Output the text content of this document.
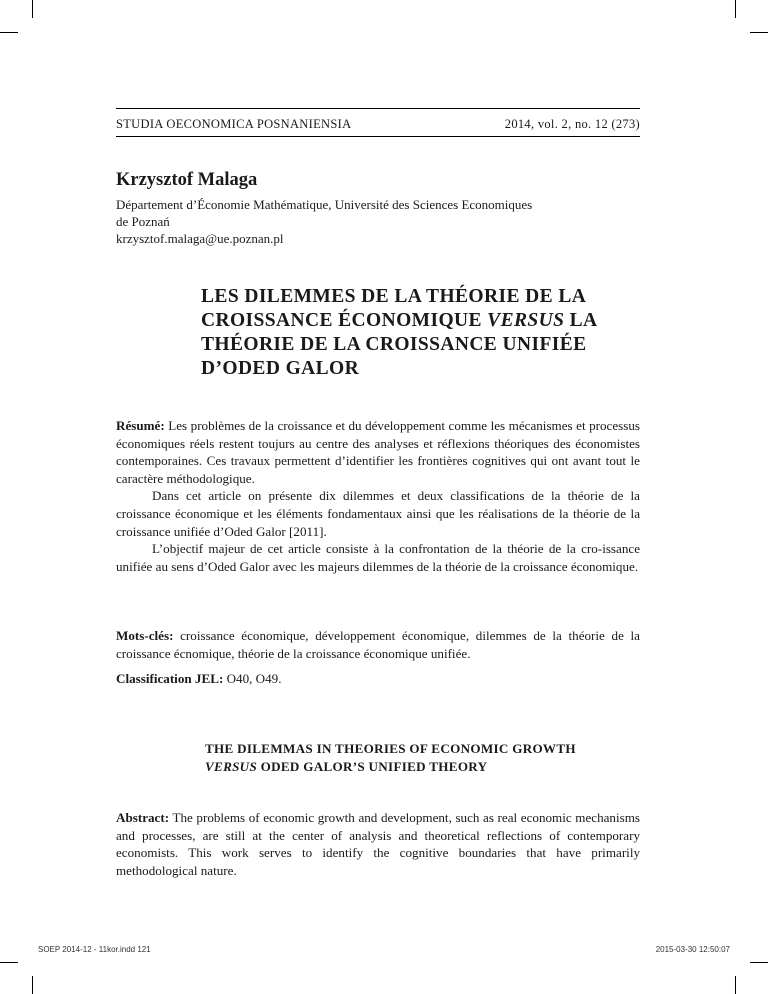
STUDIA OECONOMICA POSNANIENSIA	2014, vol. 2, no. 12 (273)
Krzysztof Malaga
Département d’Économie Mathématique, Université des Sciences Economiques
de Poznań
krzysztof.malaga@ue.poznan.pl
LES DILEMMES DE LA THÉORIE DE LA CROISSANCE ÉCONOMIQUE VERSUS LA THÉORIE DE LA CROISSANCE UNIFIÉE D’ODED GALOR

Résumé: Les problèmes de la croissance et du développement comme les mécanismes et processus économiques réels restent toujurs au centre des analyses et réflexions théoriques des économistes contemporaines. Ces travaux permettent d’identifier les frontières cognitives qui ont avant tout le caractère méthodologique.

Dans cet article on présente dix dilemmes et deux classifications de la théorie de la croissance économique et les éléments fondamentaux ainsi que les réalisations de la théorie de la croissance unifiée d’Oded Galor [2011].

L’objectif majeur de cet article consiste à la confrontation de la théorie de la cro-issance unifiée au sens d’Oded Galor avec les majeurs dilemmes de la théorie de la croissance économique.

Mots-clés: croissance économique, développement économique, dilemmes de la théorie de la croissance écnomique, théorie de la croissance économique unifiée.

Classification JEL: O40, O49.

THE DILEMMAS IN THEORIES OF ECONOMIC GROWTH
VERSUS ODED GALOR’S UNIFIED THEORY

Abstract: The problems of economic growth and development, such as real economic mechanisms and processes, are still at the center of analysis and theoretical reflections of contemporary economists. This work serves to identify the cognitive boundaries that have primarily methodological nature.

SOEP 2014-12 - 11kor.indd 121	2015-03-30 12:50:07
